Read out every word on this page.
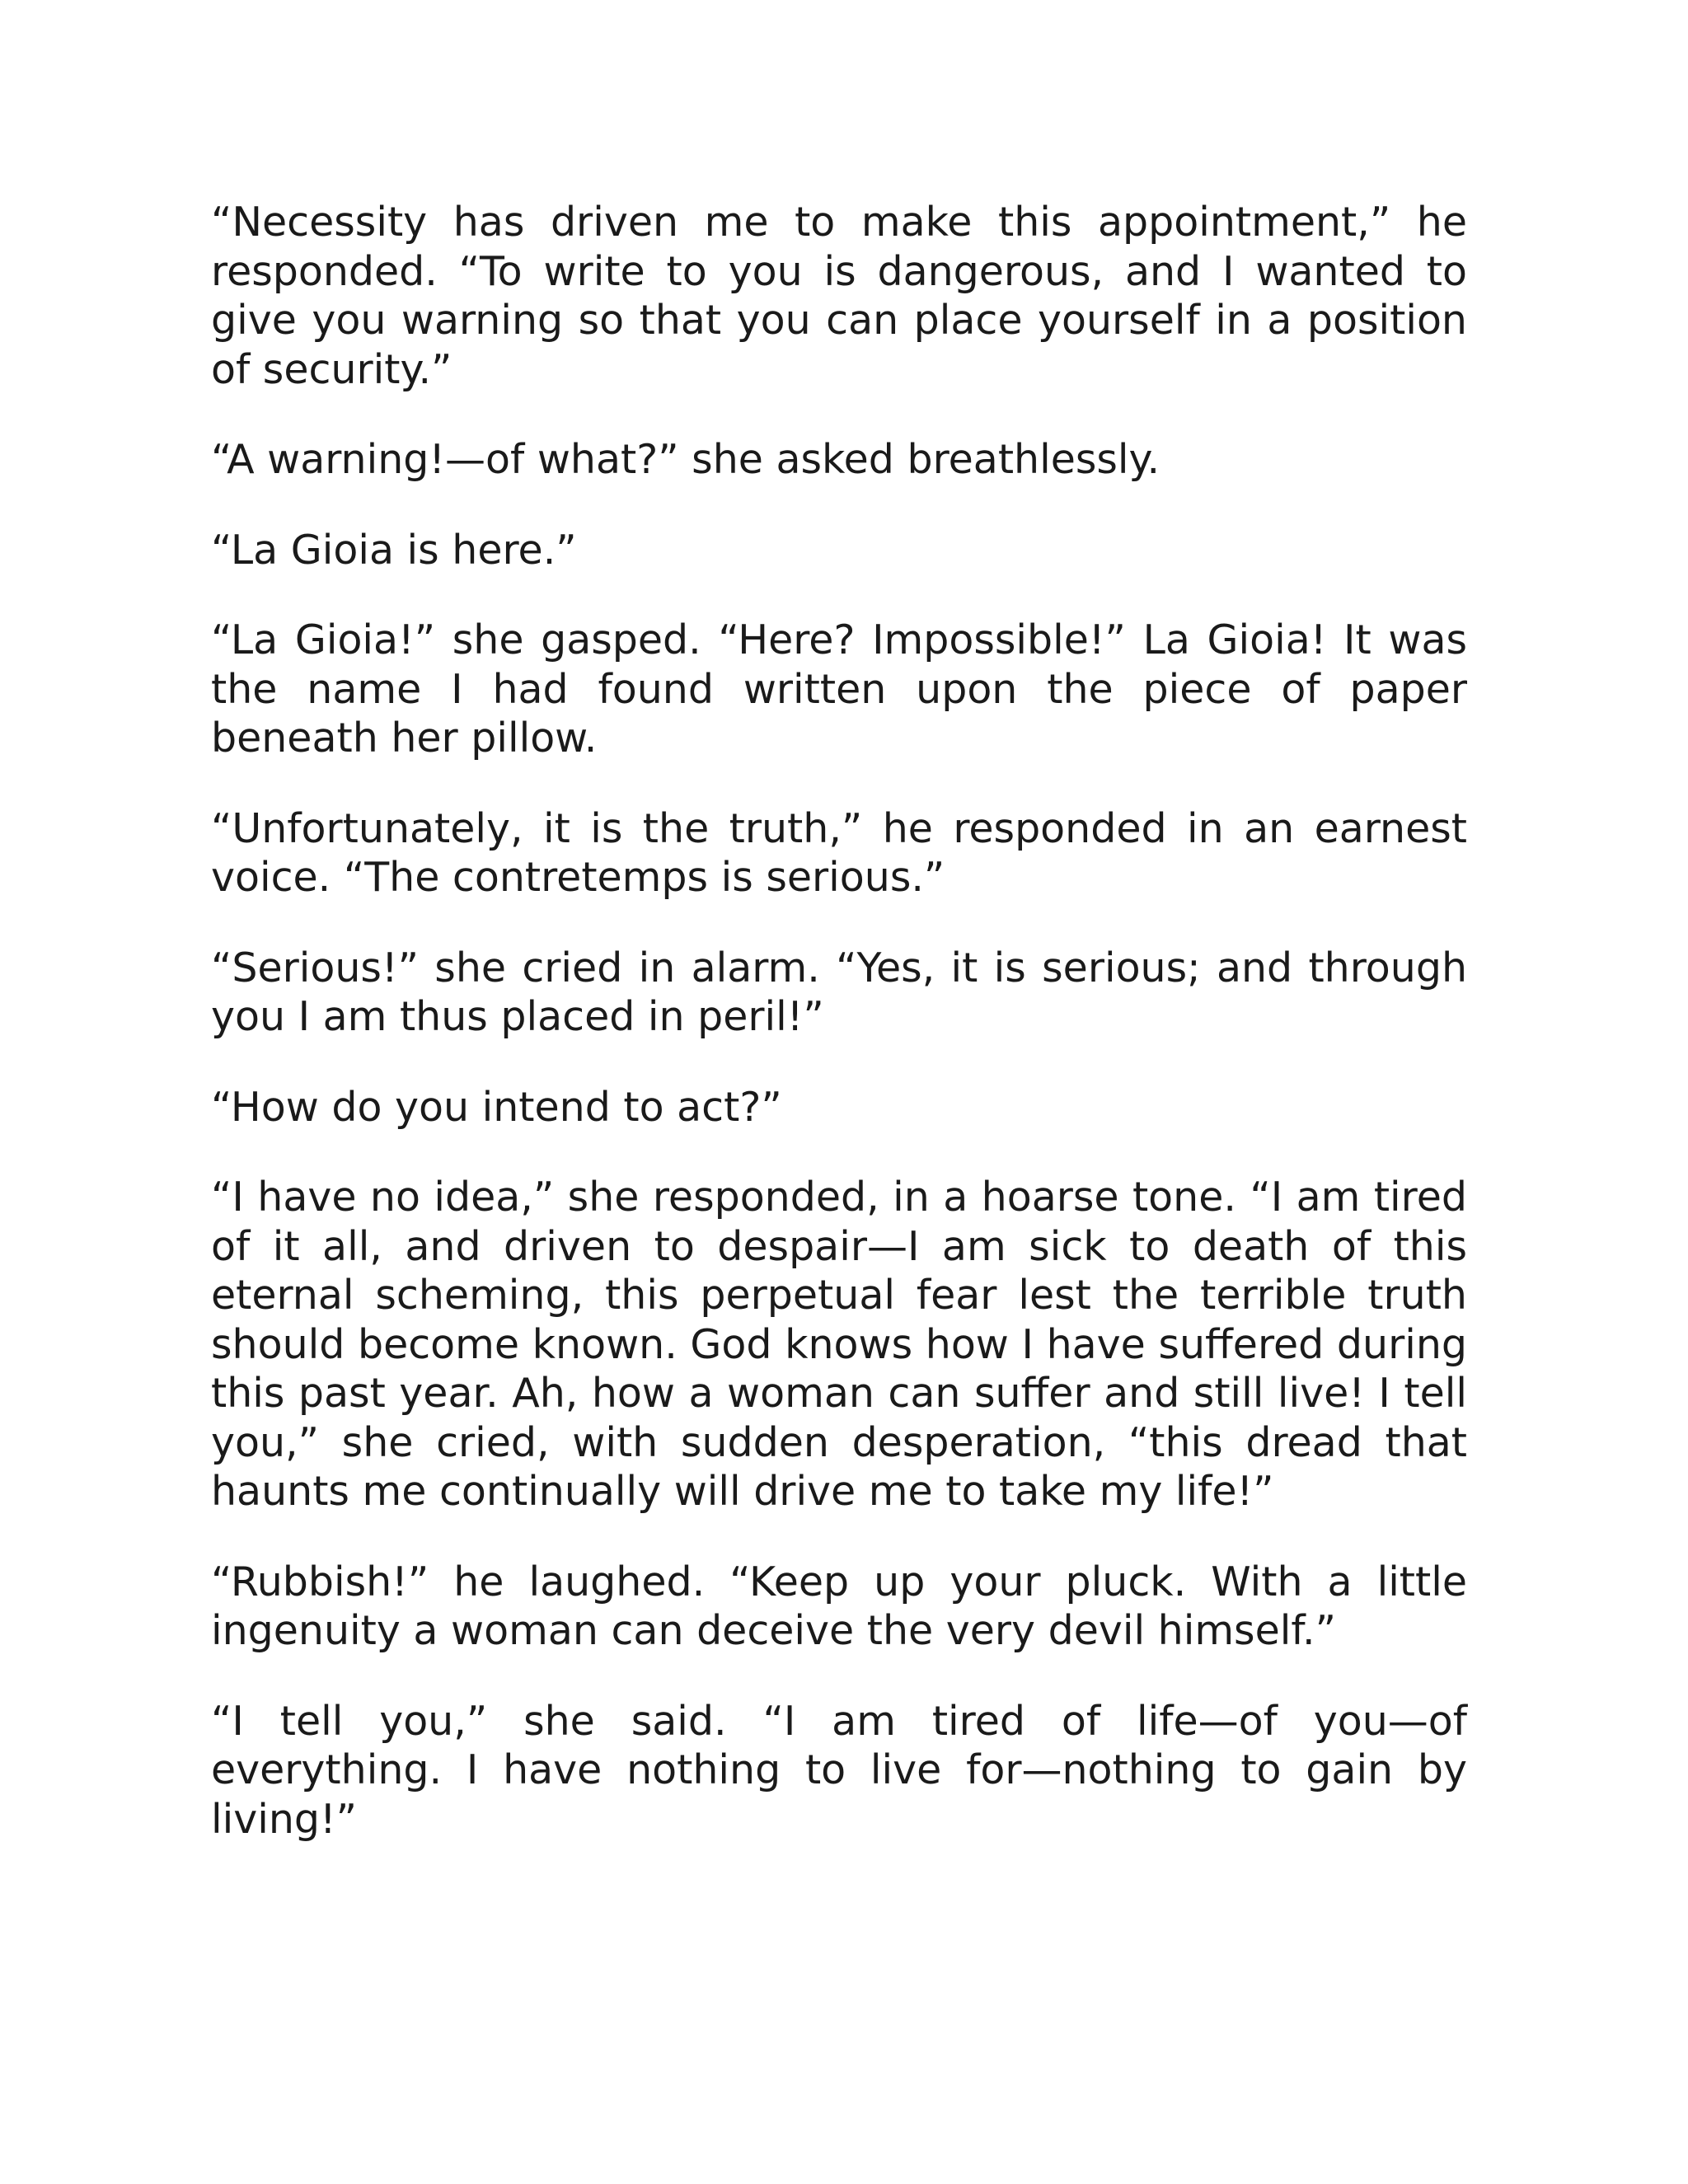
“Necessity has driven me to make this appointment,” he responded. “To write to you is dangerous, and I wanted to give you warning so that you can place yourself in a position of security.”

“A warning!—of what?” she asked breathlessly.

“La Gioia is here.”

“La Gioia!” she gasped. “Here? Impossible!” La Gioia! It was the name I had found written upon the piece of paper beneath her pillow.

“Unfortunately, it is the truth,” he responded in an earnest voice. “The contretemps is serious.”

“Serious!” she cried in alarm. “Yes, it is serious; and through you I am thus placed in peril!”

“How do you intend to act?”

“I have no idea,” she responded, in a hoarse tone. “I am tired of it all, and driven to despair—I am sick to death of this eternal scheming, this perpetual fear lest the terrible truth should become known. God knows how I have suffered during this past year. Ah, how a woman can suffer and still live! I tell you,” she cried, with sudden desperation, “this dread that haunts me continually will drive me to take my life!”

“Rubbish!” he laughed. “Keep up your pluck. With a little ingenuity a woman can deceive the very devil himself.”

“I tell you,” she said. “I am tired of life—of you—of everything. I have nothing to live for—nothing to gain by living!”
